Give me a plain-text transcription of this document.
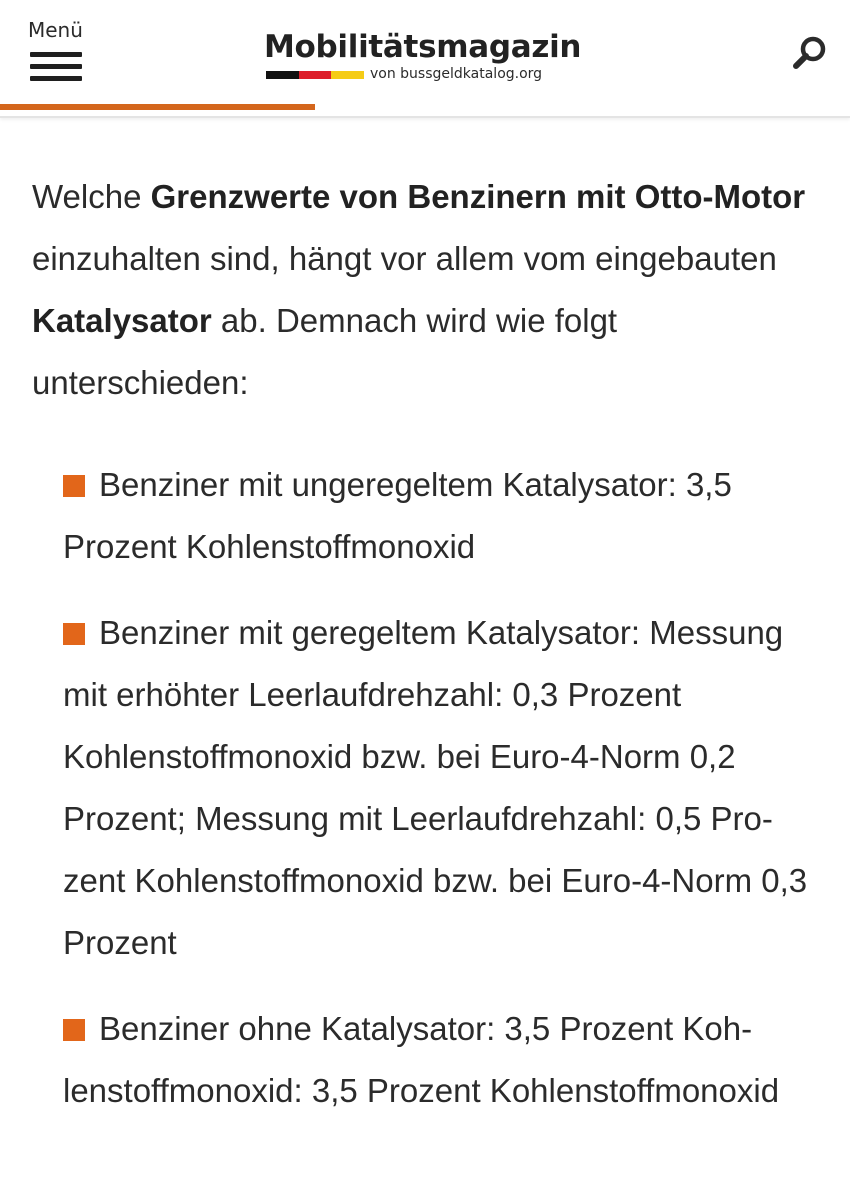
Menü	Mobilitätsmagazin
von bussgeldkatalog.org

Welche Grenzwerte von Benzinern mit Otto-Motor einzuhalten sind, hängt vor allem vom eingebauten Katalysator ab. Demnach wird wie folgt unterschieden:

Benziner mit ungeregeltem Katalysator: 3,5 Prozent Kohlenstoffmonoxid
Benziner mit geregeltem Katalysator: Messung mit erhöhter Leerlaufdrehzahl: 0,3 Prozent Kohlenstoffmonoxid bzw. bei Euro-4-Norm 0,2 Prozent; Messung mit Leerlaufdrehzahl: 0,5 Prozent Kohlenstoffmonoxid bzw. bei Euro-4-Norm 0,3 Prozent
Benziner ohne Katalysator: 3,5 Prozent Kohlenstoffmonoxid: 3,5 Prozent Kohlenstoffmonoxid
